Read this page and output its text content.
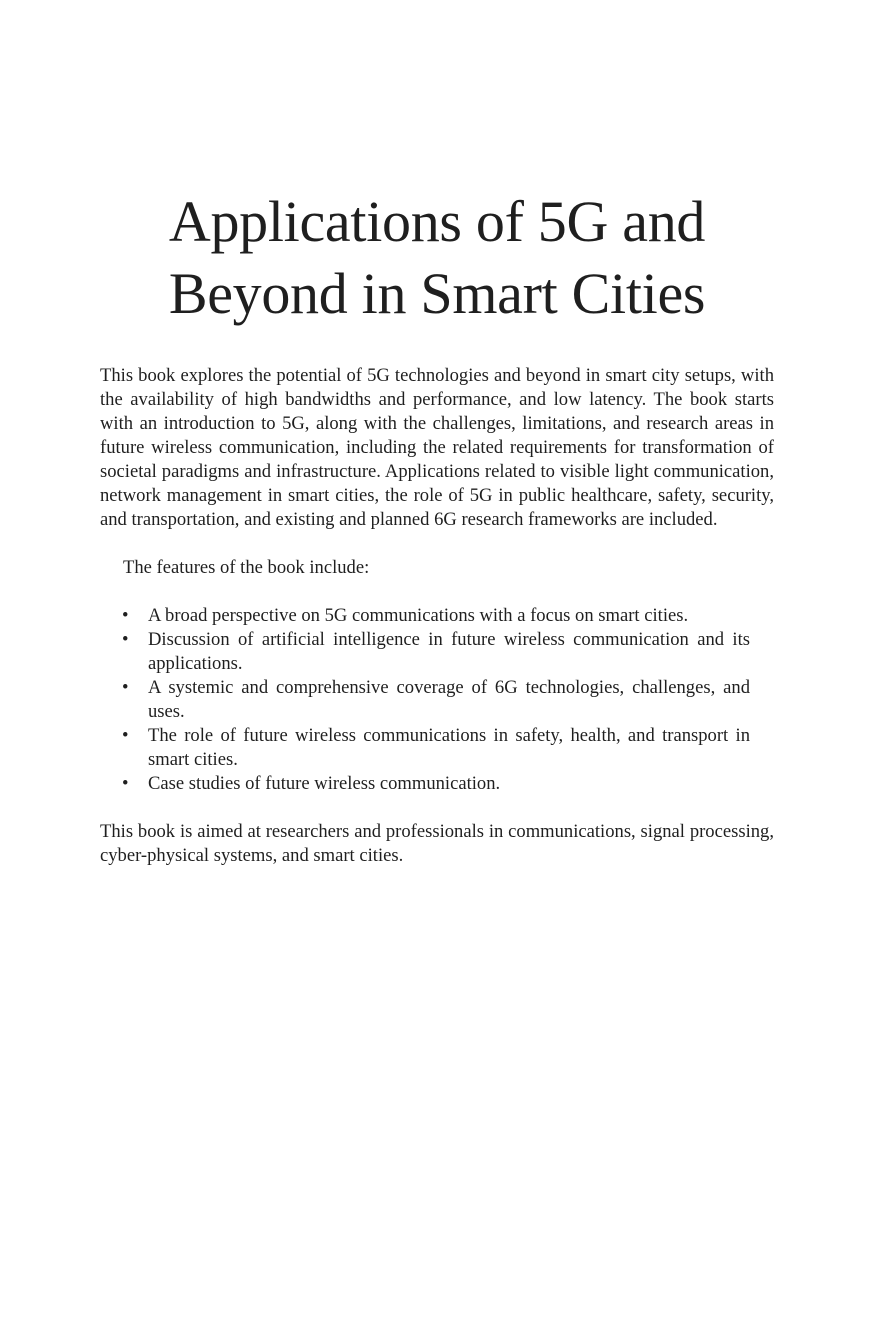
Applications of 5G and
Beyond in Smart Cities

This book explores the potential of 5G technologies and beyond in smart city setups, with the availability of high bandwidths and performance, and low latency. The book starts with an introduction to 5G, along with the challenges, limitations, and research areas in future wireless communication, including the related requirements for transformation of societal paradigms and infrastructure. Applications related to visible light communication, network management in smart cities, the role of 5G in public healthcare, safety, security, and transportation, and existing and planned 6G research frameworks are included.

The features of the book include:

• A broad perspective on 5G communications with a focus on smart cities.
• Discussion of artificial intelligence in future wireless communication and its applications.
• A systemic and comprehensive coverage of 6G technologies, challenges, and uses.
• The role of future wireless communications in safety, health, and transport in smart cities.
• Case studies of future wireless communication.

This book is aimed at researchers and professionals in communications, signal processing, cyber-physical systems, and smart cities.
